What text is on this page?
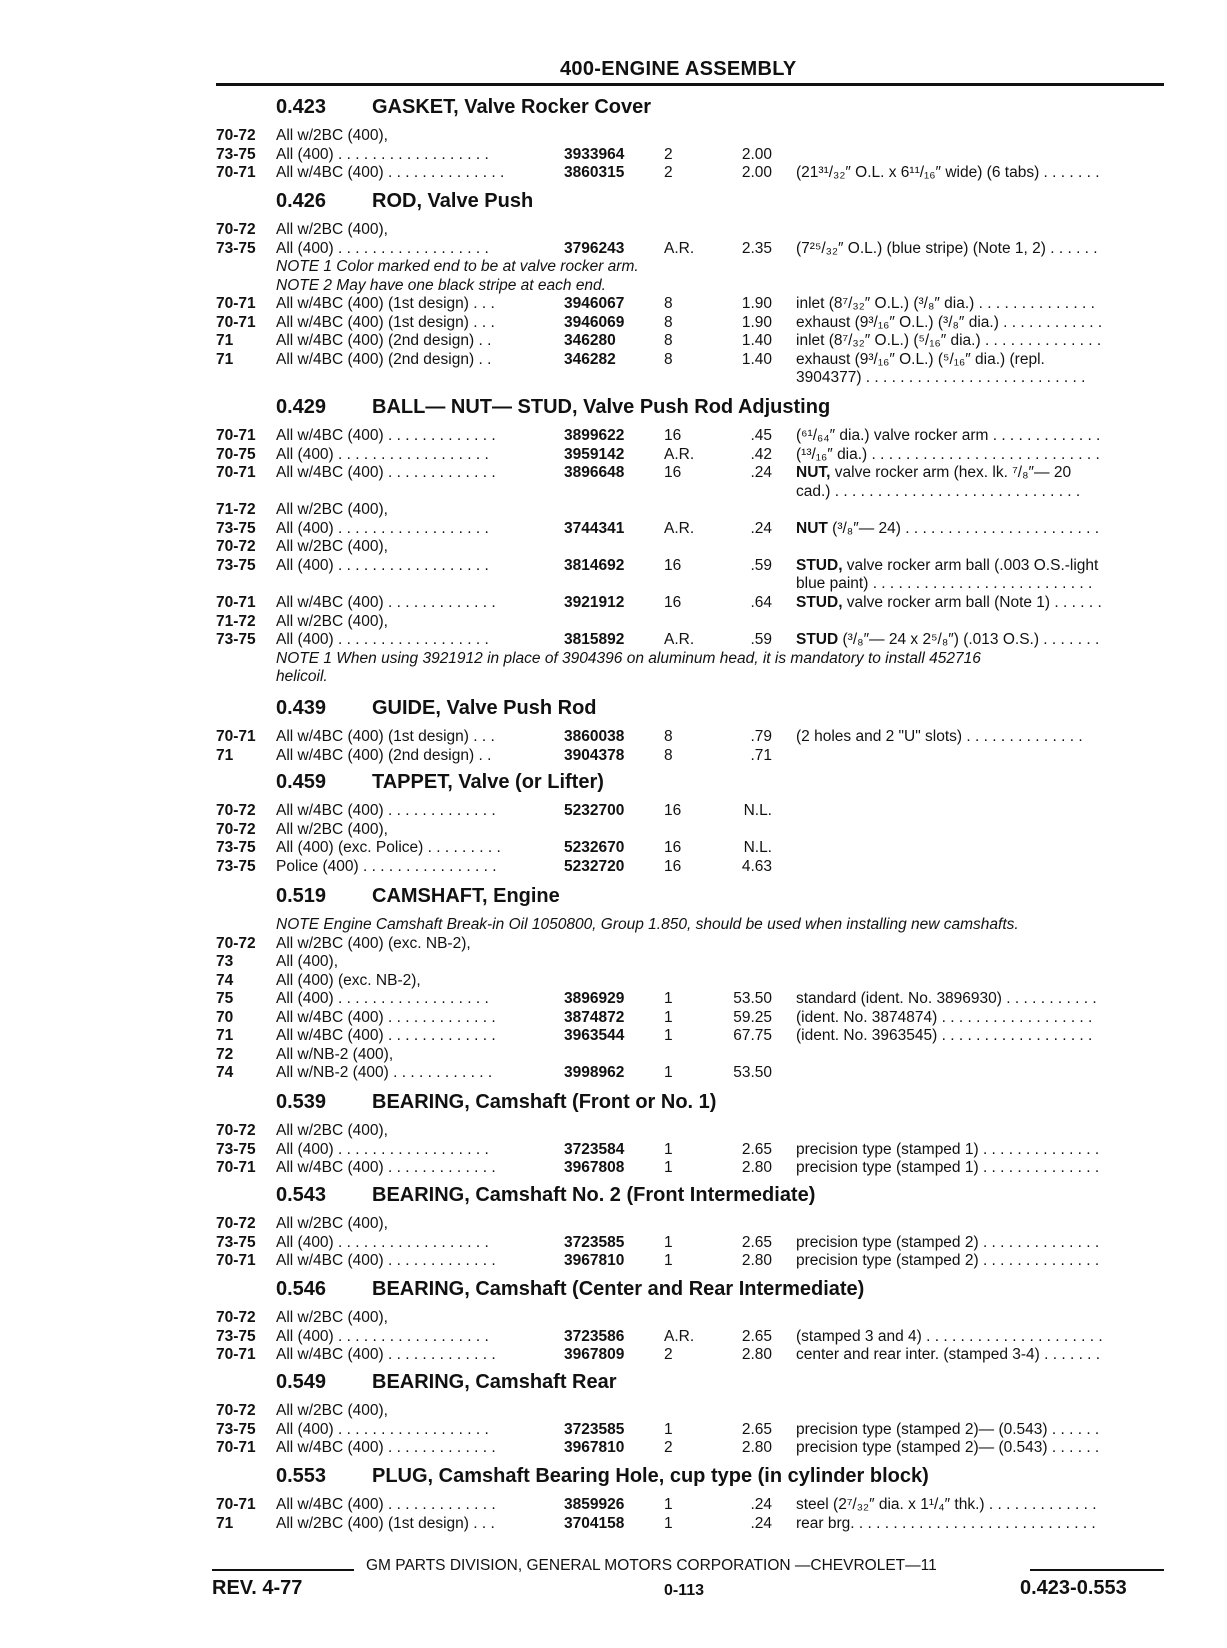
400-ENGINE ASSEMBLY
0.423 GASKET, Valve Rocker Cover
70-72	All w/2BC (400),
73-75	All (400) . . . . . . . . . . . . . . . . . .	3933964	2	2.00
70-71	All w/4BC (400) . . . . . . . . . . . . . .	3860315	2	2.00 (21³¹/₃₂″ O.L. x 6¹¹/₁₆″ wide) (6 tabs) . . . . . . .
0.426 ROD, Valve Push
70-72	All w/2BC (400),
73-75	All (400) . . . . . . . . . . . . . . . . . .	3796243	A.R.	2.35 (7²⁵/₃₂″ O.L.) (blue stripe) (Note 1, 2) . . . . . .
NOTE 1 Color marked end to be at valve rocker arm.
NOTE 2 May have one black stripe at each end.
70-71	All w/4BC (400) (1st design) . . .	3946067	8	1.90 inlet (8⁷/₃₂″ O.L.) (³/₈″ dia.) . . . . . . . . . . . . . .
70-71	All w/4BC (400) (1st design) . . .	3946069	8	1.90 exhaust (9³/₁₆″ O.L.) (³/₈″ dia.) . . . . . . . . . . . .
71	All w/4BC (400) (2nd design) . .	346280	8	1.40 inlet (8⁷/₃₂″ O.L.) (⁵/₁₆″ dia.) . . . . . . . . . . . . . .
71	All w/4BC (400) (2nd design) . .	346282	8	1.40 exhaust (9³/₁₆″ O.L.) (⁵/₁₆″ dia.) (repl.
3904377) . . . . . . . . . . . . . . . . . . . . . . . . . .
0.429 BALL— NUT— STUD, Valve Push Rod Adjusting
70-71	All w/4BC (400) . . . . . . . . . . . . .	3899622	16	.45 (⁶¹/₆₄″ dia.) valve rocker arm . . . . . . . . . . . . .
70-75	All (400) . . . . . . . . . . . . . . . . . .	3959142	A.R.	.42 (¹³/₁₆″ dia.) . . . . . . . . . . . . . . . . . . . . . . . . . . .
70-71	All w/4BC (400) . . . . . . . . . . . . .	3896648	16	.24 NUT, valve rocker arm (hex. lk. ⁷/₈″— 20
cad.) . . . . . . . . . . . . . . . . . . . . . . . . . . . . .
71-72	All w/2BC (400),
73-75	All (400) . . . . . . . . . . . . . . . . . .	3744341	A.R.	.24 NUT (³/₈″— 24) . . . . . . . . . . . . . . . . . . . . . . .
70-72	All w/2BC (400),
73-75	All (400) . . . . . . . . . . . . . . . . . .	3814692	16	.59 STUD, valve rocker arm ball (.003 O.S.-light
blue paint) . . . . . . . . . . . . . . . . . . . . . . . . . .
70-71	All w/4BC (400) . . . . . . . . . . . . .	3921912	16	.64 STUD, valve rocker arm ball (Note 1) . . . . . .
71-72	All w/2BC (400),
73-75	All (400) . . . . . . . . . . . . . . . . . .	3815892	A.R.	.59 STUD (³/₈″— 24 x 2⁵/₈″) (.013 O.S.) . . . . . . .
NOTE 1 When using 3921912 in place of 3904396 on aluminum head, it is mandatory to install 452716
helicoil.
0.439 GUIDE, Valve Push Rod
70-71	All w/4BC (400) (1st design) . . .	3860038	8	.79 (2 holes and 2 "U" slots) . . . . . . . . . . . . . .
71	All w/4BC (400) (2nd design) . .	3904378	8	.71
0.459 TAPPET, Valve (or Lifter)
70-72	All w/4BC (400) . . . . . . . . . . . . .	5232700	16	N.L.
70-72	All w/2BC (400),
73-75	All (400) (exc. Police) . . . . . . . . .	5232670	16	N.L.
73-75	Police (400) . . . . . . . . . . . . . . . .	5232720	16	4.63
0.519 CAMSHAFT, Engine
NOTE Engine Camshaft Break-in Oil 1050800, Group 1.850, should be used when installing new camshafts.
70-72	All w/2BC (400) (exc. NB-2),
73	All (400),
74	All (400) (exc. NB-2),
75	All (400) . . . . . . . . . . . . . . . . . .	3896929	1	53.50 standard (ident. No. 3896930) . . . . . . . . . . .
70	All w/4BC (400) . . . . . . . . . . . . .	3874872	1	59.25 (ident. No. 3874874) . . . . . . . . . . . . . . . . . .
71	All w/4BC (400) . . . . . . . . . . . . .	3963544	1	67.75 (ident. No. 3963545) . . . . . . . . . . . . . . . . . .
72	All w/NB-2 (400),
74	All w/NB-2 (400) . . . . . . . . . . . .	3998962	1	53.50
0.539 BEARING, Camshaft (Front or No. 1)
70-72	All w/2BC (400),
73-75	All (400) . . . . . . . . . . . . . . . . . .	3723584	1	2.65 precision type (stamped 1) . . . . . . . . . . . . . .
70-71	All w/4BC (400) . . . . . . . . . . . . .	3967808	1	2.80 precision type (stamped 1) . . . . . . . . . . . . . .
0.543 BEARING, Camshaft No. 2 (Front Intermediate)
70-72	All w/2BC (400),
73-75	All (400) . . . . . . . . . . . . . . . . . .	3723585	1	2.65 precision type (stamped 2) . . . . . . . . . . . . . .
70-71	All w/4BC (400) . . . . . . . . . . . . .	3967810	1	2.80 precision type (stamped 2) . . . . . . . . . . . . . .
0.546 BEARING, Camshaft (Center and Rear Intermediate)
70-72	All w/2BC (400),
73-75	All (400) . . . . . . . . . . . . . . . . . .	3723586	A.R.	2.65 (stamped 3 and 4) . . . . . . . . . . . . . . . . . . . . .
70-71	All w/4BC (400) . . . . . . . . . . . . .	3967809	2	2.80 center and rear inter. (stamped 3-4) . . . . . . .
0.549 BEARING, Camshaft Rear
70-72	All w/2BC (400),
73-75	All (400) . . . . . . . . . . . . . . . . . .	3723585	1	2.65 precision type (stamped 2)— (0.543) . . . . . .
70-71	All w/4BC (400) . . . . . . . . . . . . .	3967810	2	2.80 precision type (stamped 2)— (0.543) . . . . . .
0.553 PLUG, Camshaft Bearing Hole, cup type (in cylinder block)
70-71	All w/4BC (400) . . . . . . . . . . . . .	3859926	1	.24 steel (2⁷/₃₂″ dia. x 1¹/₄″ thk.) . . . . . . . . . . . . .
71	All w/2BC (400) (1st design) . . .	3704158	1	.24 rear brg. . . . . . . . . . . . . . . . . . . . . . . . . . . . .
GM PARTS DIVISION, GENERAL MOTORS CORPORATION —CHEVROLET—11
REV. 4-77	0-113	0.423-0.553
